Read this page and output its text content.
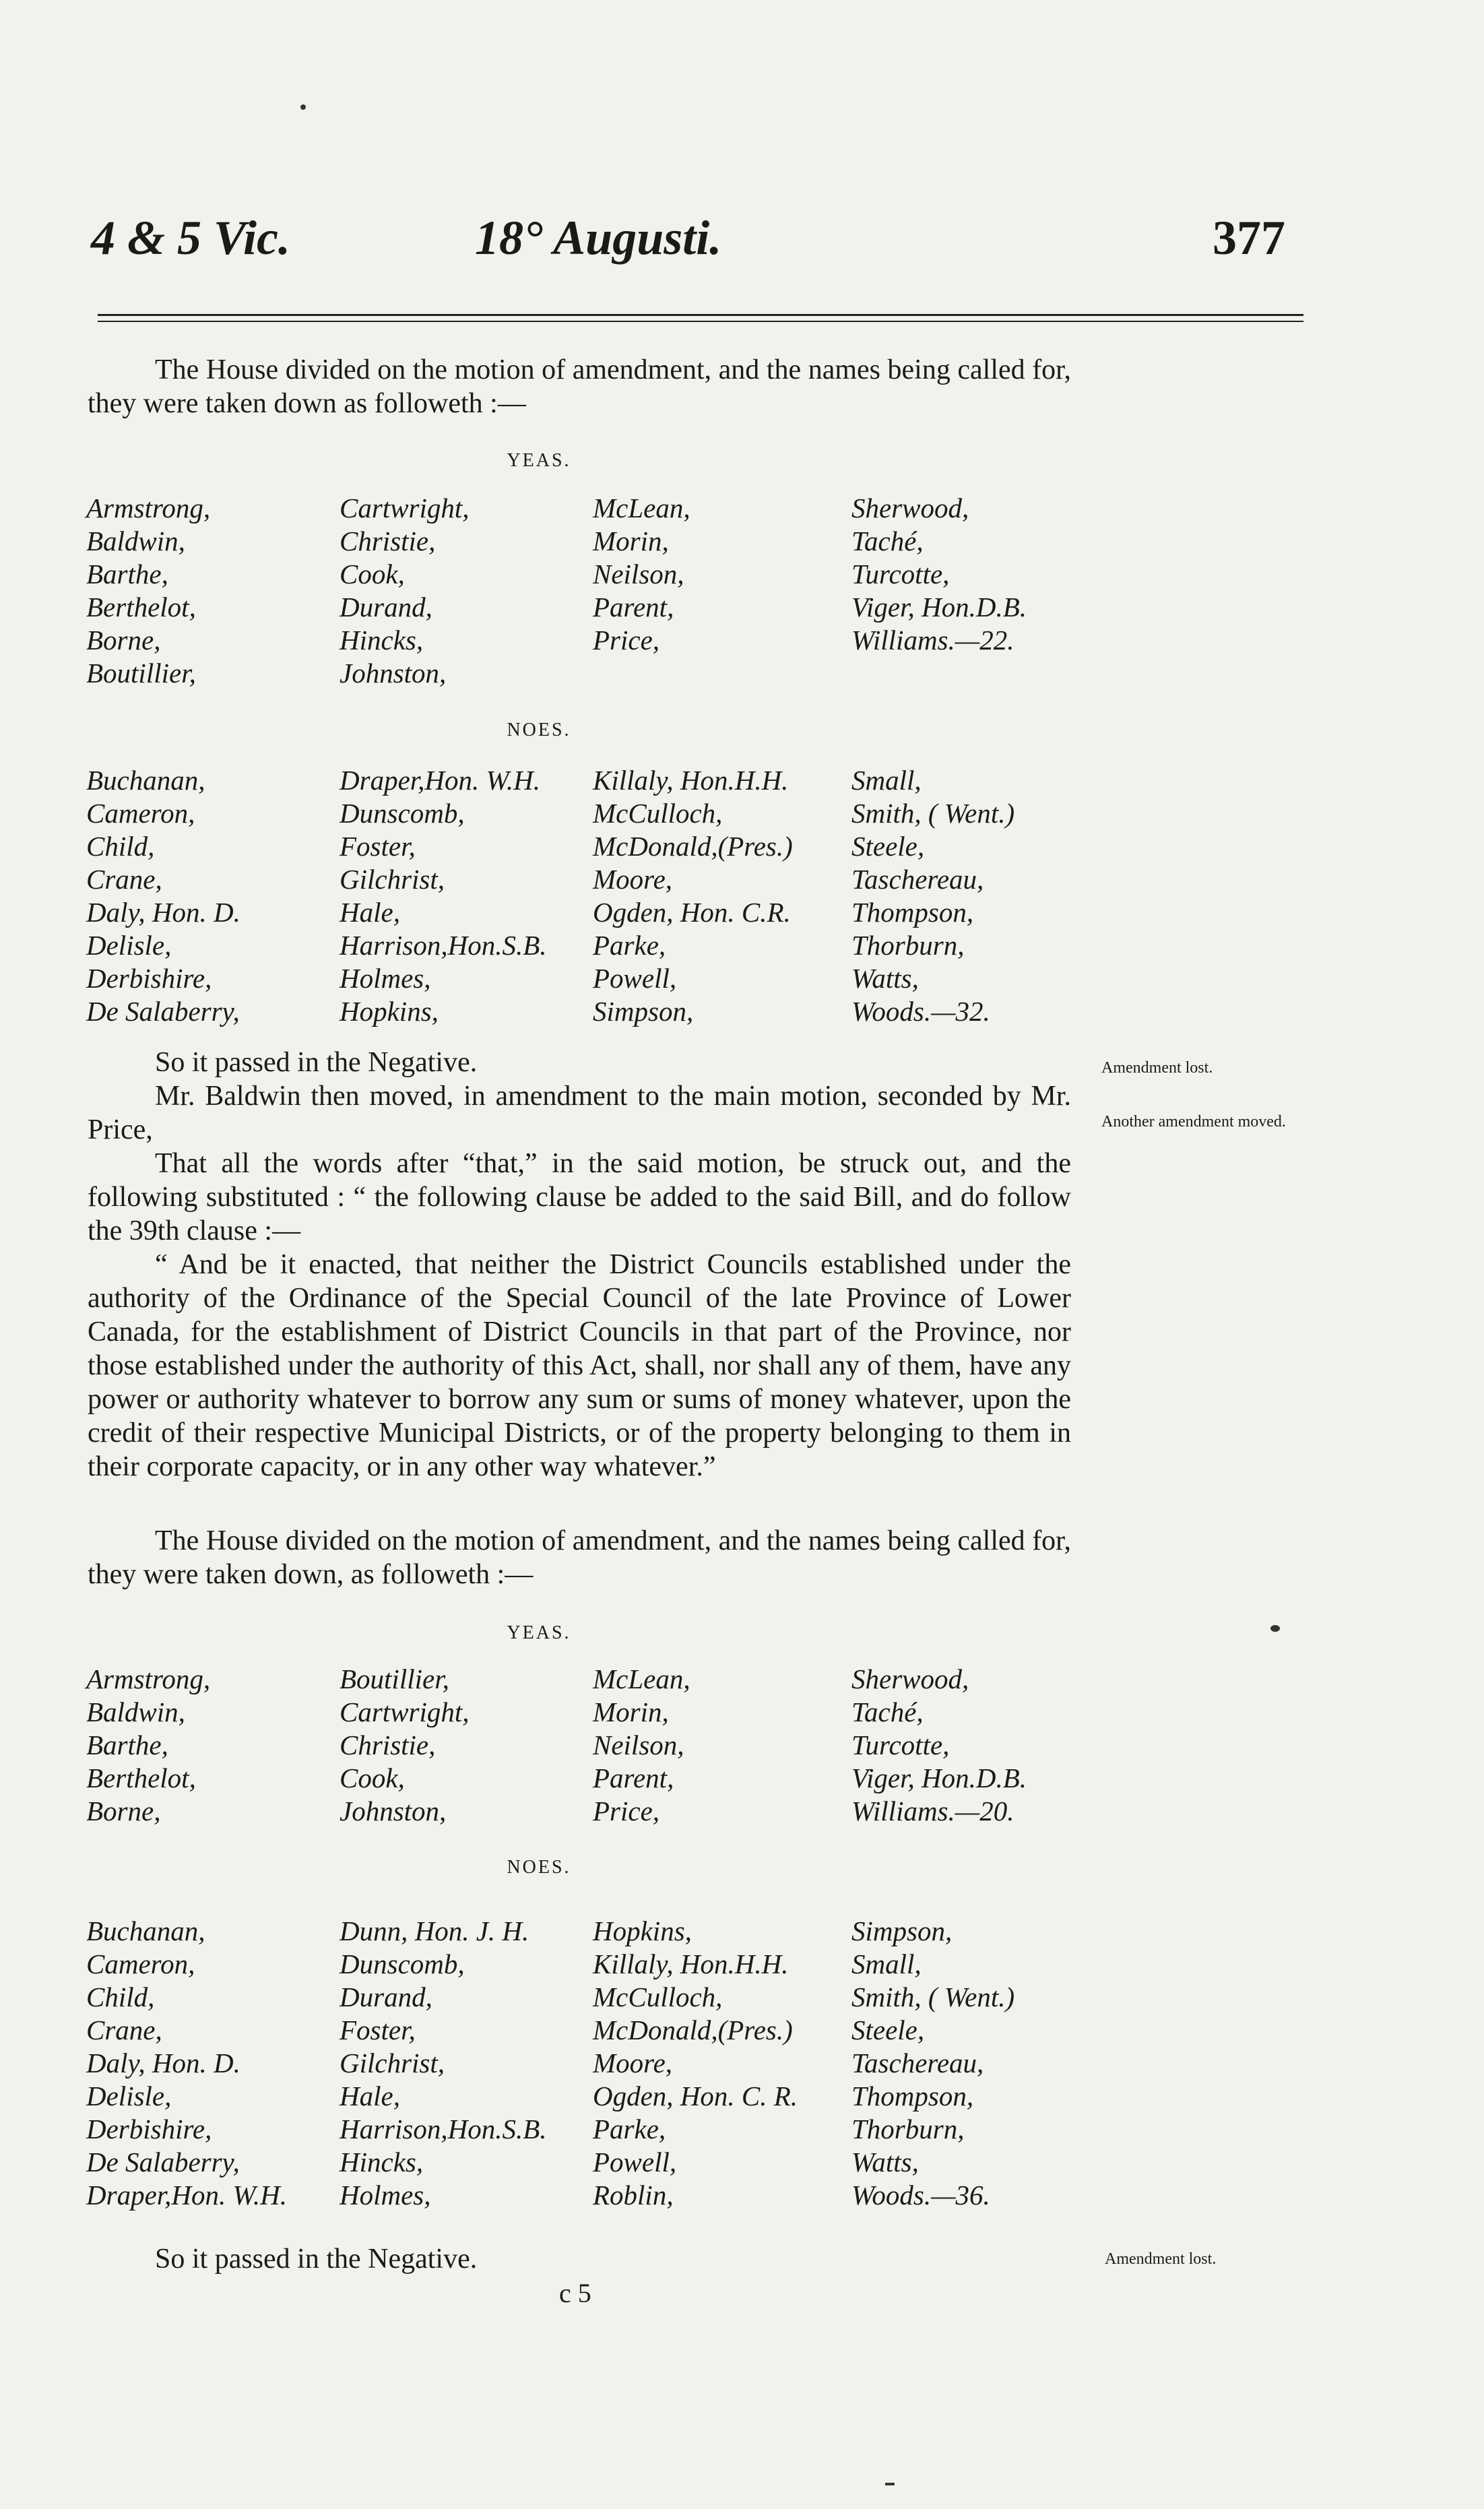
4 & 5 Vic.	18° Augusti.	377

The House divided on the motion of amendment, and the names being called for, they were taken down as followeth :—

YEAS.
Armstrong,	Cartwright,	McLean,	Sherwood,
Baldwin,	Christie,	Morin,	Taché,
Barthe,	Cook,	Neilson,	Turcotte,
Berthelot,	Durand,	Parent,	Viger, Hon.D.B.
Borne,	Hincks,	Price,	Williams.—22.
Boutillier,	Johnston,
NOES.
Buchanan,	Draper,Hon. W.H.	Killaly, Hon.H.H.	Small,
Cameron,	Dunscomb,	McCulloch,	Smith, ( Went.)
Child,	Foster,	McDonald,(Pres.)	Steele,
Crane,	Gilchrist,	Moore,	Taschereau,
Daly, Hon. D.	Hale,	Ogden, Hon. C.R.	Thompson,
Delisle,	Harrison,Hon.S.B.	Parke,	Thorburn,
Derbishire,	Holmes,	Powell,	Watts,
De Salaberry,	Hopkins,	Simpson,	Woods.—32.

So it passed in the Negative.

Mr. Baldwin then moved, in amendment to the main motion, seconded by Mr. Price,

That all the words after “that,” in the said motion, be struck out, and the following substituted : “ the following clause be added to the said Bill, and do follow the 39th clause :—

“ And be it enacted, that neither the District Councils established under the authority of the Ordinance of the Special Council of the late Province of Lower Canada, for the establishment of District Councils in that part of the Province, nor those established under the authority of this Act, shall, nor shall any of them, have any power or authority whatever to borrow any sum or sums of money whatever, upon the credit of their respective Municipal Districts, or of the property belonging to them in their corporate capacity, or in any other way whatever.”

The House divided on the motion of amendment, and the names being called for, they were taken down, as followeth :—

YEAS.
Armstrong,	Boutillier,	McLean,	Sherwood,
Baldwin,	Cartwright,	Morin,	Taché,
Barthe,	Christie,	Neilson,	Turcotte,
Berthelot,	Cook,	Parent,	Viger, Hon.D.B.
Borne,	Johnston,	Price,	Williams.—20.
NOES.
Buchanan,	Dunn, Hon. J. H.	Hopkins,	Simpson,
Cameron,	Dunscomb,	Killaly, Hon.H.H.	Small,
Child,	Durand,	McCulloch,	Smith, ( Went.)
Crane,	Foster,	McDonald,(Pres.)	Steele,
Daly, Hon. D.	Gilchrist,	Moore,	Taschereau,
Delisle,	Hale,	Ogden, Hon. C. R.	Thompson,
Derbishire,	Harrison,Hon.S.B.	Parke,	Thorburn,
De Salaberry,	Hincks,	Powell,	Watts,
Draper,Hon. W.H.	Holmes,	Roblin,	Woods.—36.

So it passed in the Negative.

c 5
Amendment lost.
Another amendment moved.
Amendment lost.
